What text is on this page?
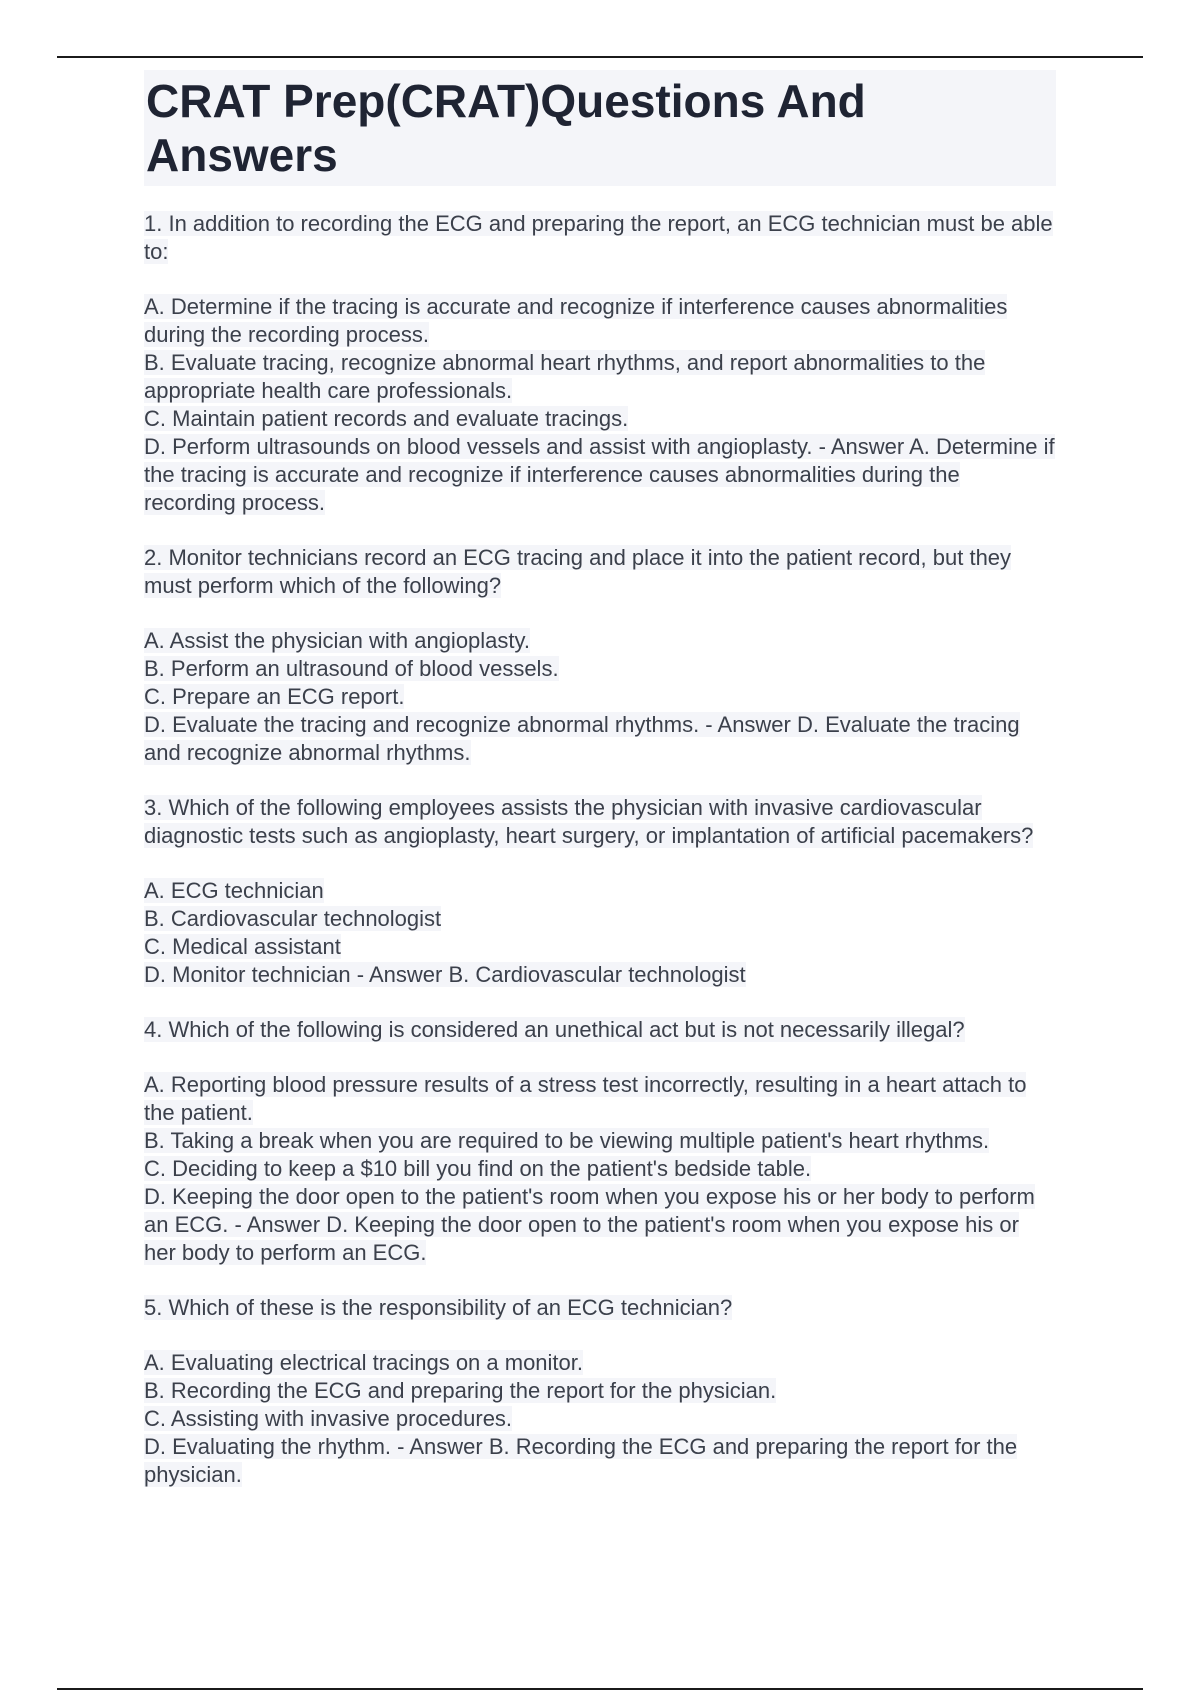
CRAT Prep(CRAT)Questions And Answers

1. In addition to recording the ECG and preparing the report, an ECG technician must be able to:

A. Determine if the tracing is accurate and recognize if interference causes abnormalities during the recording process.

B. Evaluate tracing, recognize abnormal heart rhythms, and report abnormalities to the appropriate health care professionals.

C. Maintain patient records and evaluate tracings.

D. Perform ultrasounds on blood vessels and assist with angioplasty. - Answer A. Determine if the tracing is accurate and recognize if interference causes abnormalities during the recording process.

2. Monitor technicians record an ECG tracing and place it into the patient record, but they must perform which of the following?

A. Assist the physician with angioplasty.

B. Perform an ultrasound of blood vessels.

C. Prepare an ECG report.

D. Evaluate the tracing and recognize abnormal rhythms. - Answer D. Evaluate the tracing and recognize abnormal rhythms.

3. Which of the following employees assists the physician with invasive cardiovascular diagnostic tests such as angioplasty, heart surgery, or implantation of artificial pacemakers?

A. ECG technician

B. Cardiovascular technologist

C. Medical assistant

D. Monitor technician - Answer B. Cardiovascular technologist

4. Which of the following is considered an unethical act but is not necessarily illegal?

A. Reporting blood pressure results of a stress test incorrectly, resulting in a heart attach to the patient.

B. Taking a break when you are required to be viewing multiple patient's heart rhythms.

C. Deciding to keep a $10 bill you find on the patient's bedside table.

D. Keeping the door open to the patient's room when you expose his or her body to perform an ECG. - Answer D. Keeping the door open to the patient's room when you expose his or her body to perform an ECG.

5. Which of these is the responsibility of an ECG technician?

A. Evaluating electrical tracings on a monitor.

B. Recording the ECG and preparing the report for the physician.

C. Assisting with invasive procedures.

D. Evaluating the rhythm. - Answer B. Recording the ECG and preparing the report for the physician.
